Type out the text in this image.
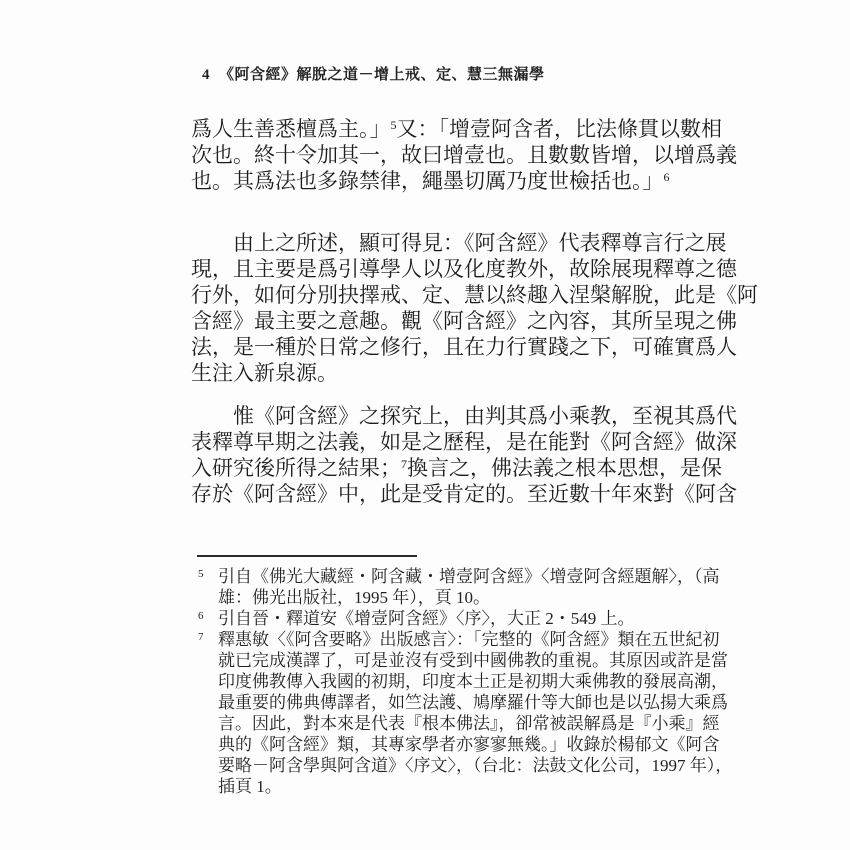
4 《阿含經》解脫之道－增上戒、定、慧三無漏學
爲人生善悉檀爲主。」$^5$又：「增壹阿含者，比法條貫以數相
次也。終十令加其一，故曰增壹也。且數數皆增，以增爲義
也。其爲法也多錄禁律，繩墨切厲乃度世檢括也。」$^6$
由上之所述，顯可得見：《阿含經》代表釋尊言行之展
現，且主要是爲引導學人以及化度教外，故除展現釋尊之德
行外，如何分別抉擇戒、定、慧以終趣入涅槃解脫，此是《阿
含經》最主要之意趣。觀《阿含經》之內容，其所呈現之佛
法，是一種於日常之修行，且在力行實踐之下，可確實爲人
生注入新泉源。
惟《阿含經》之探究上，由判其爲小乘教，至視其爲代
表釋尊早期之法義，如是之歷程，是在能對《阿含經》做深
入研究後所得之結果；$^7$換言之，佛法義之根本思想，是保
存於《阿含經》中，此是受肯定的。至近數十年來對《阿含
5 引自《佛光大藏經・阿含藏・增壹阿含經》〈增壹阿含經題解〉，（高
雄：佛光出版社，1995 年），頁 10。
6 引自晉・釋道安《增壹阿含經》〈序〉，大正 2・549 上。
7 釋惠敏〈《阿含要略》出版感言〉：「完整的《阿含經》類在五世紀初
就已完成漢譯了，可是並沒有受到中國佛教的重視。其原因或許是當
印度佛教傳入我國的初期，印度本土正是初期大乘佛教的發展高潮，
最重要的佛典傳譯者，如竺法護、鳩摩羅什等大師也是以弘揚大乘爲
言。因此，對本來是代表『根本佛法』，卻常被誤解爲是『小乘』經
典的《阿含經》類，其專家學者亦寥寥無幾。」收錄於楊郁文《阿含
要略－阿含學與阿含道》〈序文〉，（台北：法鼓文化公司，1997 年），
插頁 1。
